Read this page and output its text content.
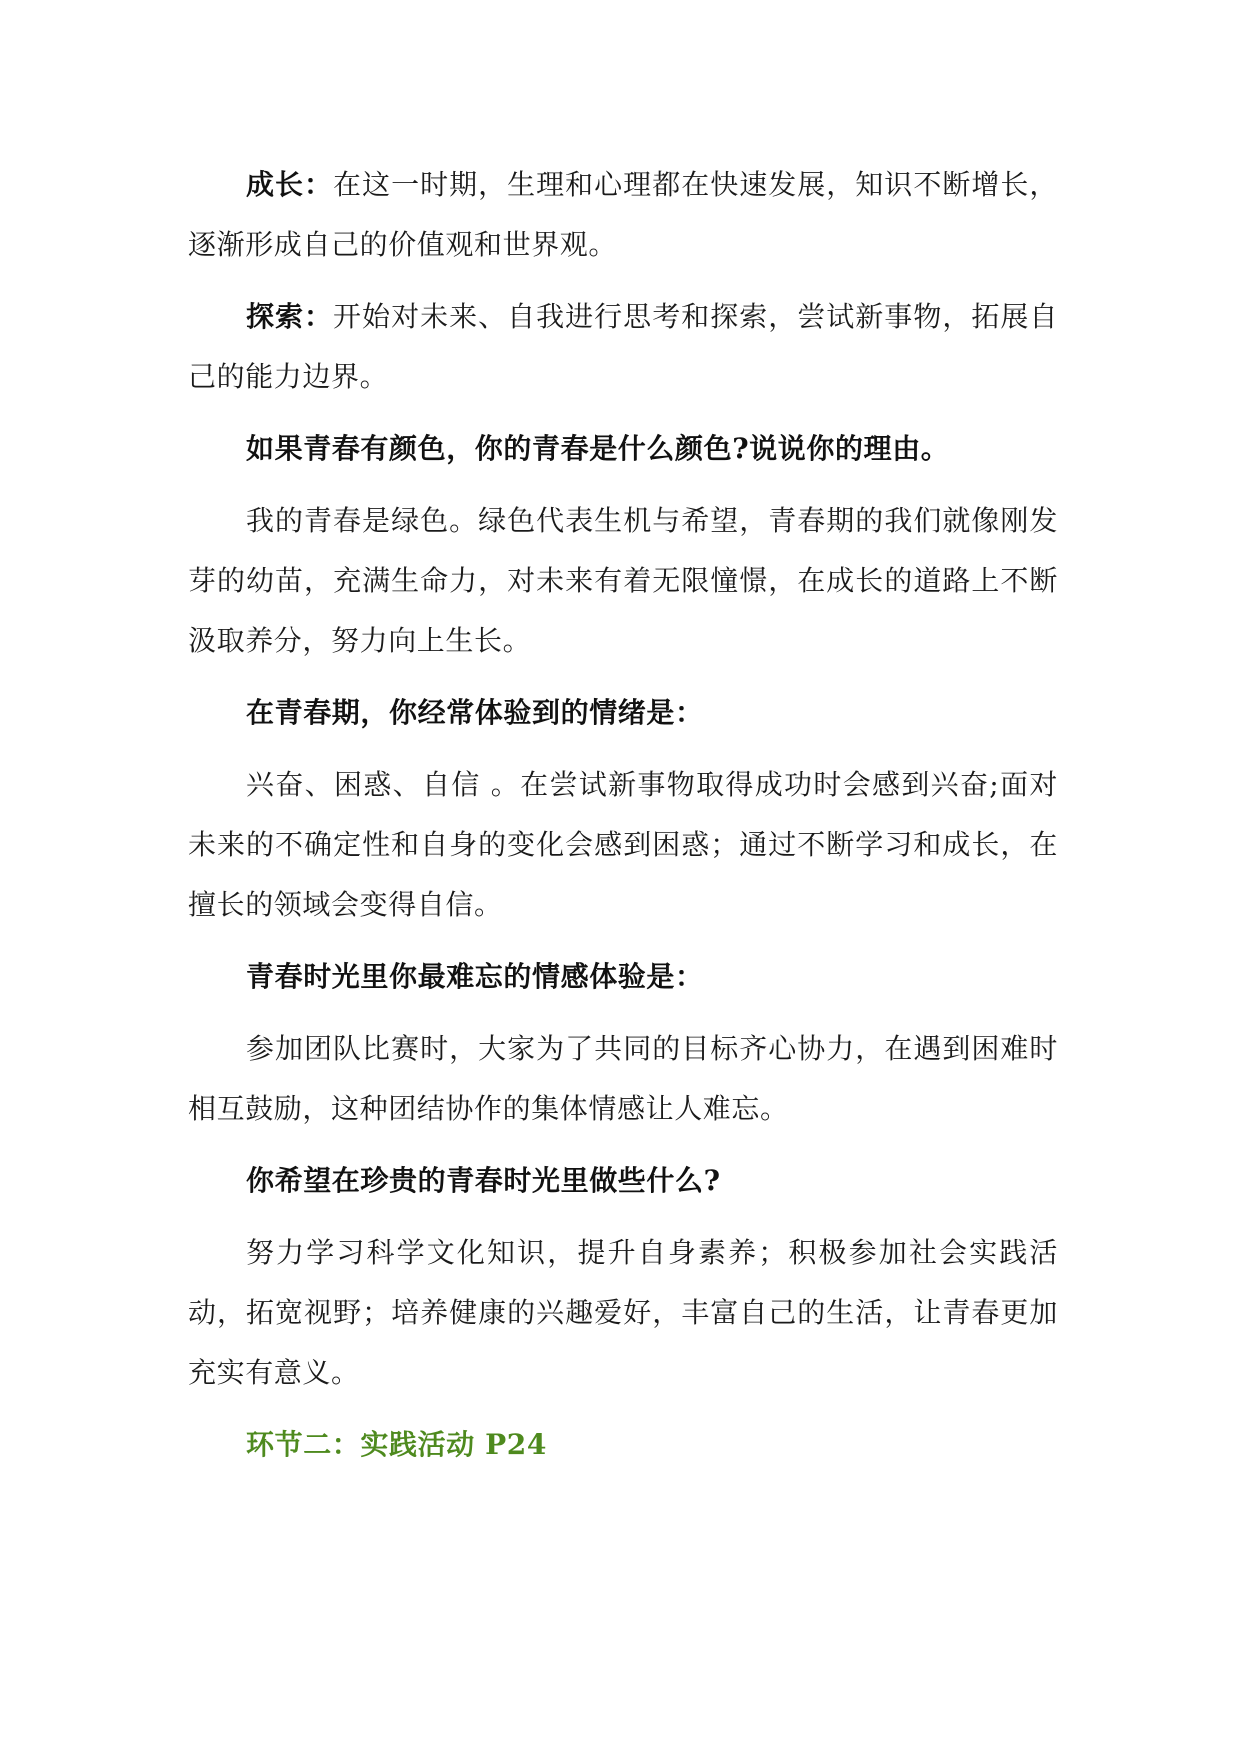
成长：在这一时期，生理和心理都在快速发展，知识不断增长，逐渐形成自己的价值观和世界观。

探索：开始对未来、自我进行思考和探索，尝试新事物，拓展自己的能力边界。

如果青春有颜色，你的青春是什么颜色?说说你的理由。

我的青春是绿色。绿色代表生机与希望，青春期的我们就像刚发芽的幼苗，充满生命力，对未来有着无限憧憬，在成长的道路上不断汲取养分，努力向上生长。

在青春期，你经常体验到的情绪是：

兴奋、困惑、自信 。在尝试新事物取得成功时会感到兴奋;面对未来的不确定性和自身的变化会感到困惑；通过不断学习和成长，在擅长的领域会变得自信。

青春时光里你最难忘的情感体验是：

参加团队比赛时，大家为了共同的目标齐心协力，在遇到困难时相互鼓励，这种团结协作的集体情感让人难忘。

你希望在珍贵的青春时光里做些什么?

努力学习科学文化知识，提升自身素养；积极参加社会实践活动，拓宽视野；培养健康的兴趣爱好，丰富自己的生活，让青春更加充实有意义。

环节二：实践活动 P24
